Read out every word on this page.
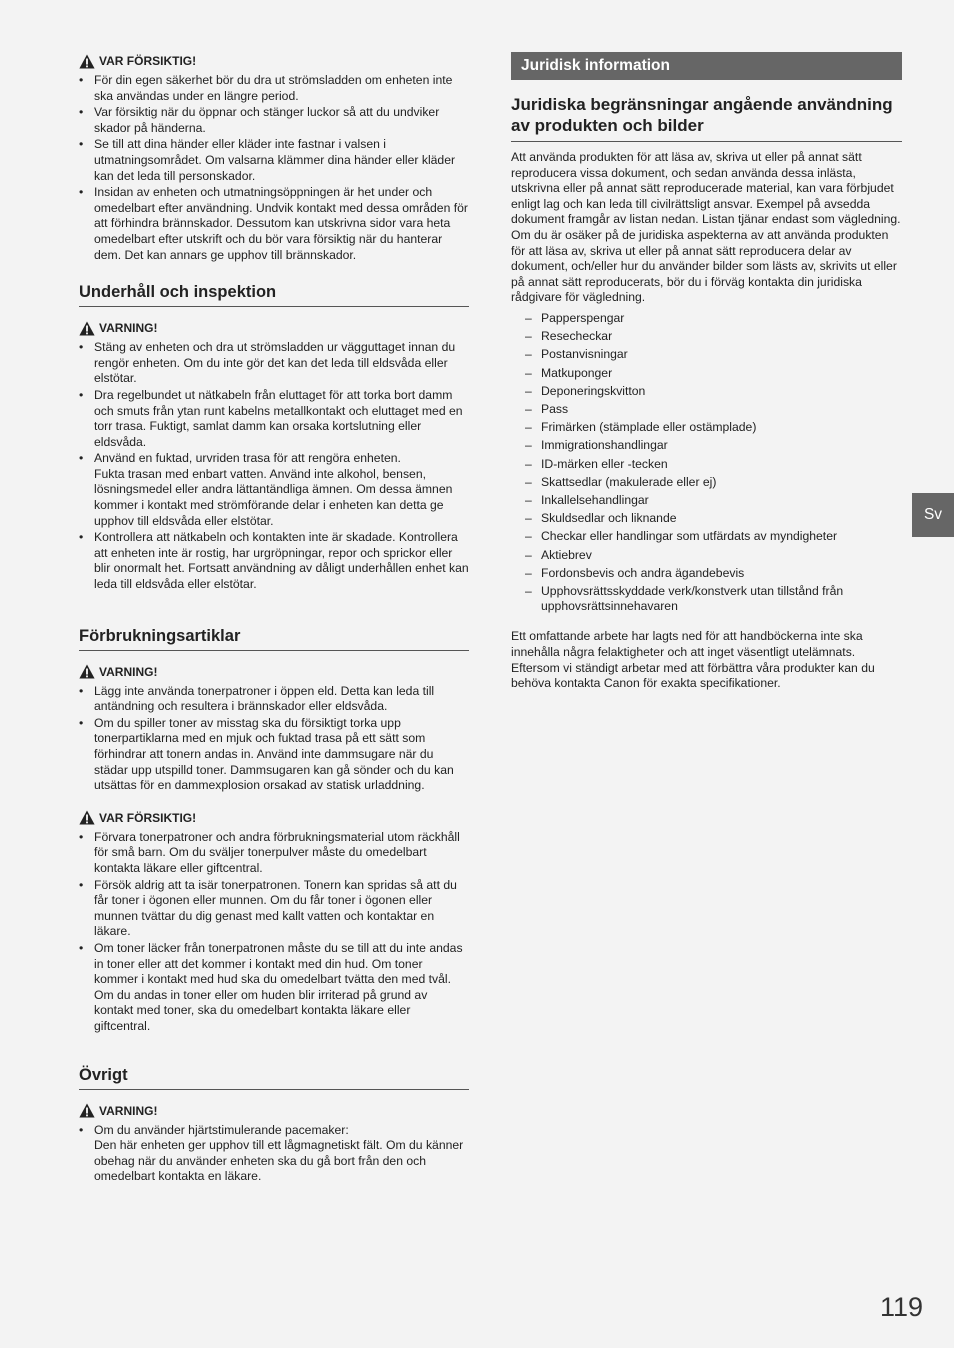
VAR FÖRSIKTIG!
• För din egen säkerhet bör du dra ut strömsladden om enheten inte ska användas under en längre period.
• Var försiktig när du öppnar och stänger luckor så att du undviker skador på händerna.
• Se till att dina händer eller kläder inte fastnar i valsen i utmatningsområdet. Om valsarna klämmer dina händer eller kläder kan det leda till personskador.
• Insidan av enheten och utmatningsöppningen är het under och omedelbart efter användning. Undvik kontakt med dessa områden för att förhindra brännskador. Dessutom kan utskrivna sidor vara heta omedelbart efter utskrift och du bör vara försiktig när du hanterar dem. Det kan annars ge upphov till brännskador.
Underhåll och inspektion
VARNING!
• Stäng av enheten och dra ut strömsladden ur vägguttaget innan du rengör enheten. Om du inte gör det kan det leda till eldsvåda eller elstötar.
• Dra regelbundet ut nätkabeln från eluttaget för att torka bort damm och smuts från ytan runt kabelns metallkontakt och eluttaget med en torr trasa. Fuktigt, samlat damm kan orsaka kortslutning eller eldsvåda.
• Använd en fuktad, urvriden trasa för att rengöra enheten.
Fukta trasan med enbart vatten. Använd inte alkohol, bensen, lösningsmedel eller andra lättantändliga ämnen. Om dessa ämnen kommer i kontakt med strömförande delar i enheten kan detta ge upphov till eldsvåda eller elstötar.
• Kontrollera att nätkabeln och kontakten inte är skadade. Kontrollera att enheten inte är rostig, har urgröpningar, repor och sprickor eller blir onormalt het. Fortsatt användning av dåligt underhållen enhet kan leda till eldsvåda eller elstötar.
Förbrukningsartiklar
VARNING!
• Lägg inte använda tonerpatroner i öppen eld. Detta kan leda till antändning och resultera i brännskador eller eldsvåda.
• Om du spiller toner av misstag ska du försiktigt torka upp tonerpartiklarna med en mjuk och fuktad trasa på ett sätt som förhindrar att tonern andas in. Använd inte dammsugare när du städar upp utspilld toner. Dammsugaren kan gå sönder och du kan utsättas för en dammexplosion orsakad av statisk urladdning.
VAR FÖRSIKTIG!
• Förvara tonerpatroner och andra förbrukningsmaterial utom räckhåll för små barn. Om du sväljer tonerpulver måste du omedelbart kontakta läkare eller giftcentral.
• Försök aldrig att ta isär tonerpatronen. Tonern kan spridas så att du får toner i ögonen eller munnen. Om du får toner i ögonen eller munnen tvättar du dig genast med kallt vatten och kontaktar en läkare.
• Om toner läcker från tonerpatronen måste du se till att du inte andas in toner eller att det kommer i kontakt med din hud. Om toner kommer i kontakt med hud ska du omedelbart tvätta den med tvål. Om du andas in toner eller om huden blir irriterad på grund av kontakt med toner, ska du omedelbart kontakta läkare eller giftcentral.
Övrigt
VARNING!
• Om du använder hjärtstimulerande pacemaker:
Den här enheten ger upphov till ett lågmagnetiskt fält. Om du känner obehag när du använder enheten ska du gå bort från den och omedelbart kontakta en läkare.
Juridisk information
Juridiska begränsningar angående användning av produkten och bilder

Att använda produkten för att läsa av, skriva ut eller på annat sätt reproducera vissa dokument, och sedan använda dessa inlästa, utskrivna eller på annat sätt reproducerade material, kan vara förbjudet enligt lag och kan leda till civilrättsligt ansvar. Exempel på avsedda dokument framgår av listan nedan. Listan tjänar endast som vägledning. Om du är osäker på de juridiska aspekterna av att använda produkten för att läsa av, skriva ut eller på annat sätt reproducera delar av dokument, och/eller hur du använder bilder som lästs av, skrivits ut eller på annat sätt reproducerats, bör du i förväg kontakta din juridiska rådgivare för vägledning.

– Papperspengar
– Resecheckar
– Postanvisningar
– Matkuponger
– Deponeringskvitton
– Pass
– Frimärken (stämplade eller ostämplade)
– Immigrationshandlingar
– ID-märken eller -tecken
– Skattsedlar (makulerade eller ej)
– Inkallelsehandlingar
– Skuldsedlar och liknande
– Checkar eller handlingar som utfärdats av myndigheter
– Aktiebrev
– Fordonsbevis och andra ägandebevis
– Upphovsrättsskyddade verk/konstverk utan tillstånd från upphovsrättsinnehavaren

Ett omfattande arbete har lagts ned för att handböckerna inte ska innehålla några felaktigheter och att inget väsentligt utelämnats. Eftersom vi ständigt arbetar med att förbättra våra produkter kan du behöva kontakta Canon för exakta specifikationer.

Sv
119
